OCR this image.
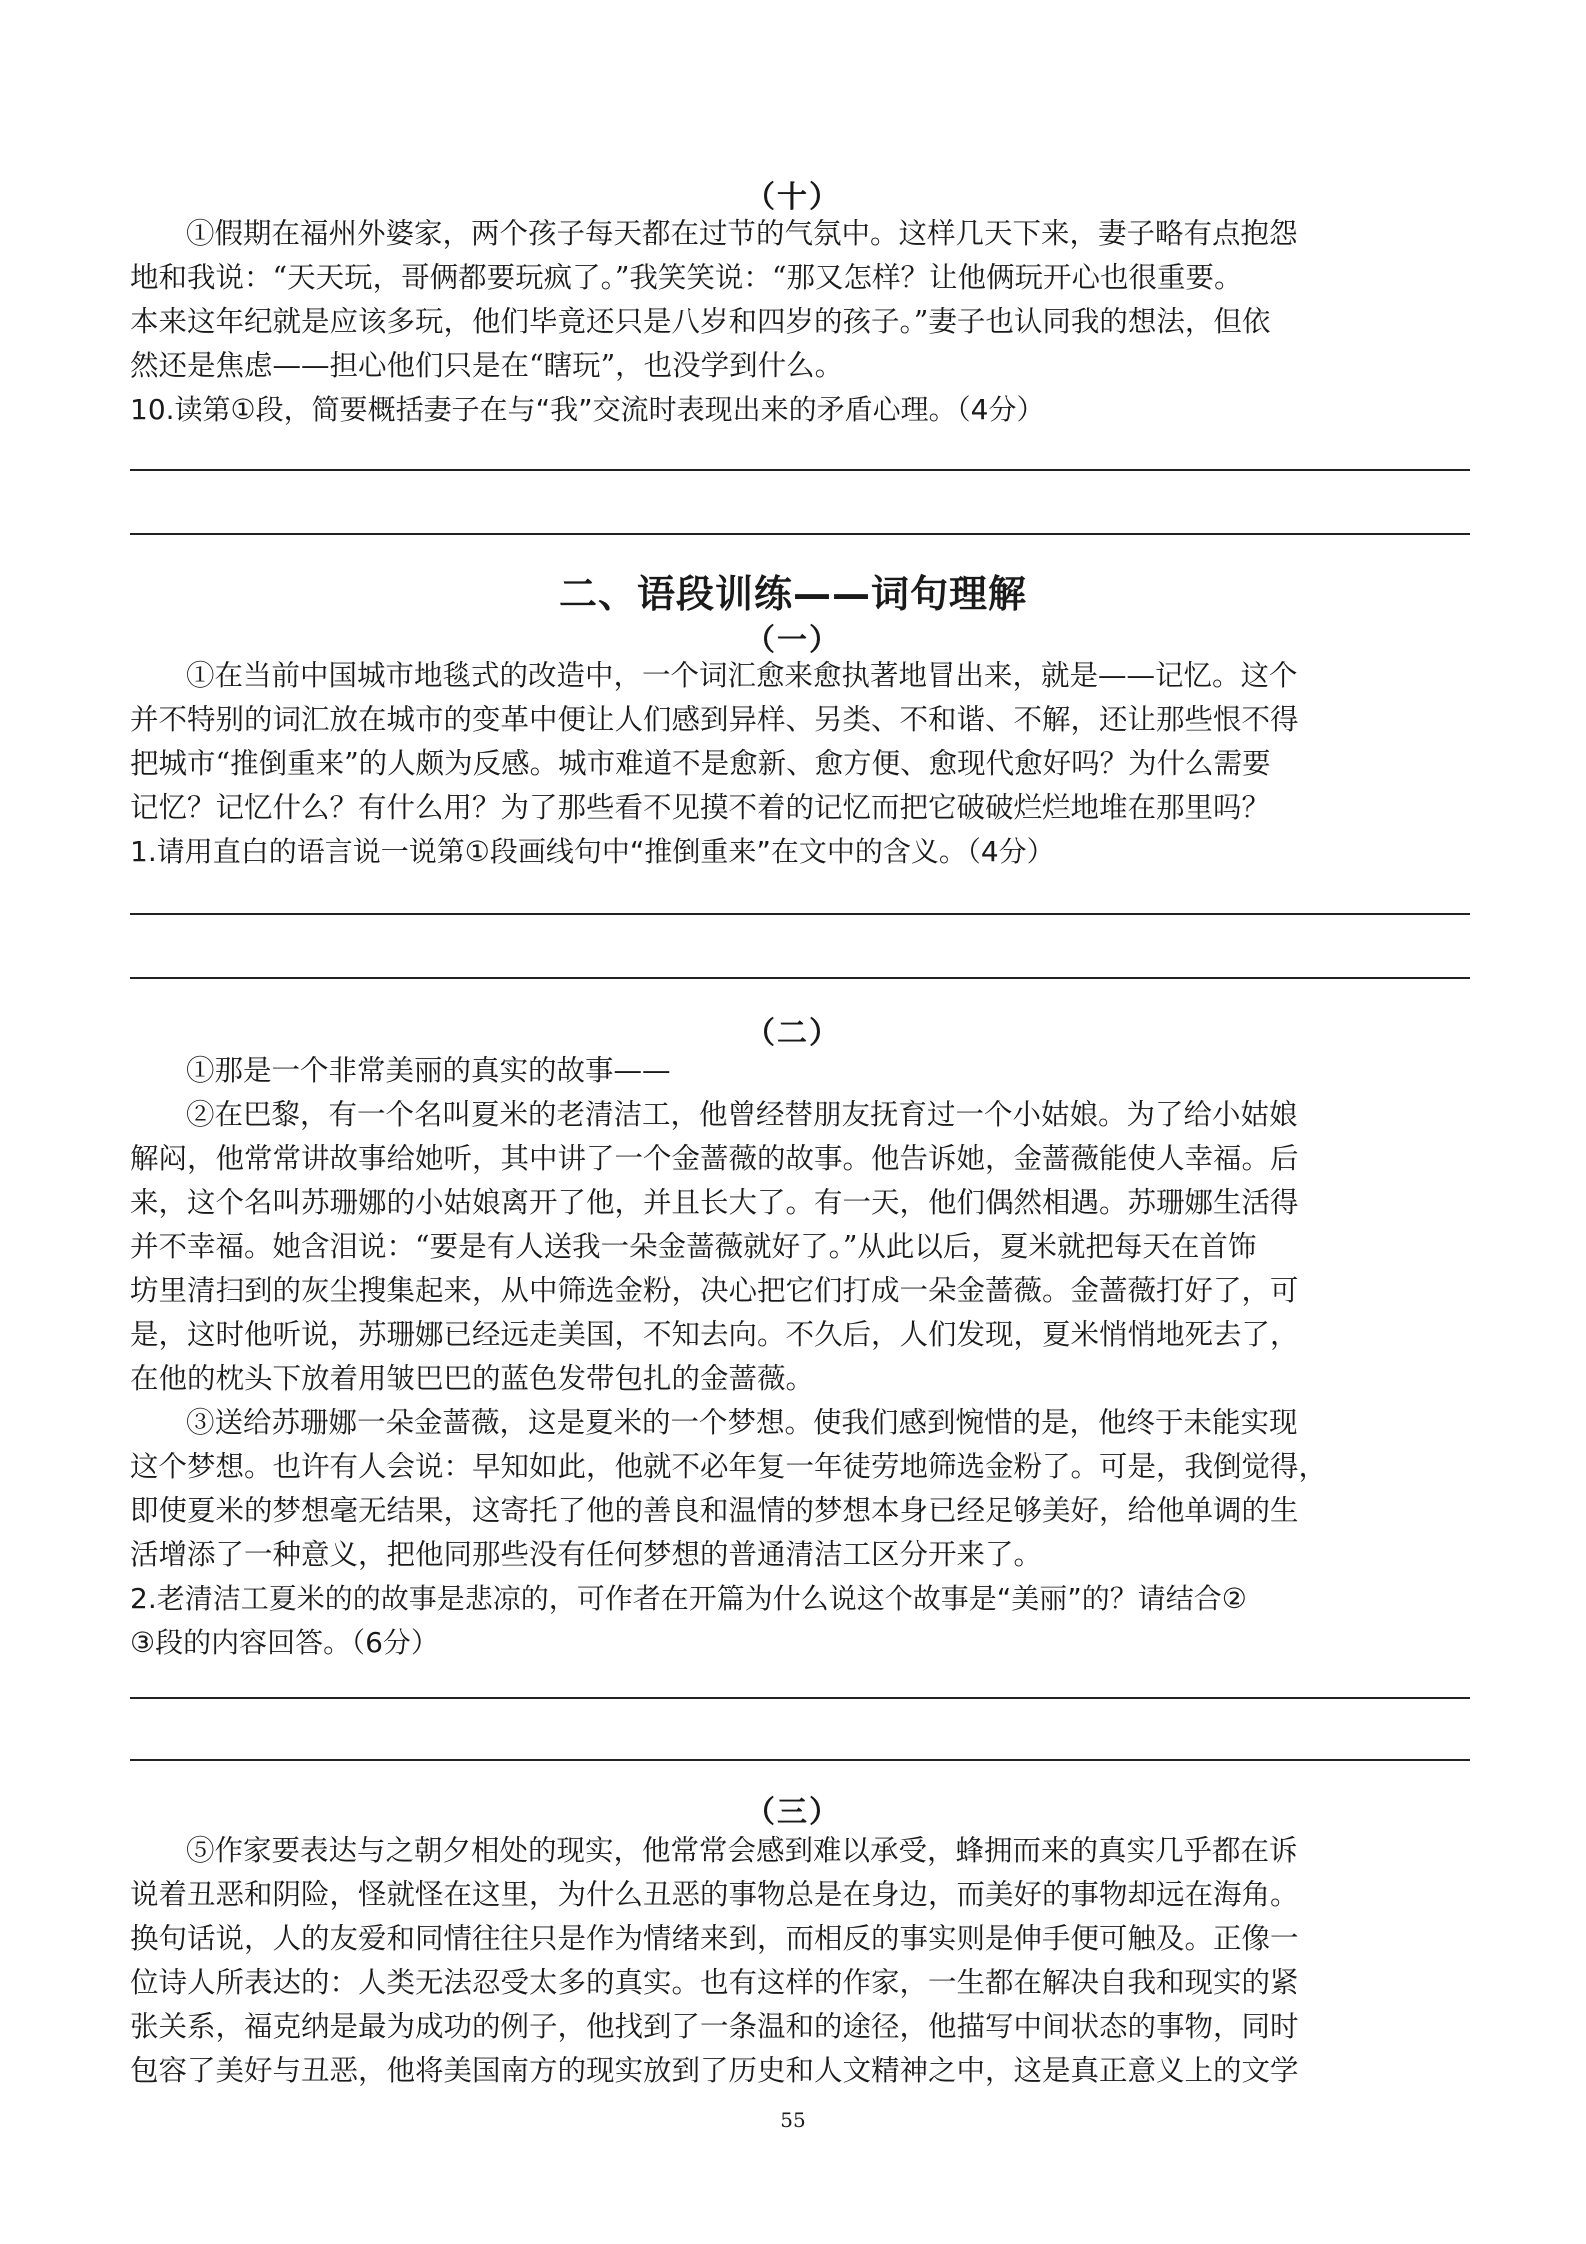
（十）
①假期在福州外婆家，两个孩子每天都在过节的气氛中。这样几天下来，妻子略有点抱怨
地和我说：“天天玩，哥俩都要玩疯了。”我笑笑说：“那又怎样？让他俩玩开心也很重要。
本来这年纪就是应该多玩，他们毕竟还只是八岁和四岁的孩子。”妻子也认同我的想法，但依
然还是焦虑——担心他们只是在“瞎玩”，也没学到什么。
10.读第①段，简要概括妻子在与“我”交流时表现出来的矛盾心理。（4分）
二、语段训练——词句理解
（一）
①在当前中国城市地毯式的改造中，一个词汇愈来愈执著地冒出来，就是——记忆。这个
并不特别的词汇放在城市的变革中便让人们感到异样、另类、不和谐、不解，还让那些恨不得
把城市“推倒重来”的人颇为反感。城市难道不是愈新、愈方便、愈现代愈好吗？为什么需要
记忆？记忆什么？有什么用？为了那些看不见摸不着的记忆而把它破破烂烂地堆在那里吗？
1.请用直白的语言说一说第①段画线句中“推倒重来”在文中的含义。（4分）
（二）
①那是一个非常美丽的真实的故事——
②在巴黎，有一个名叫夏米的老清洁工，他曾经替朋友抚育过一个小姑娘。为了给小姑娘
解闷，他常常讲故事给她听，其中讲了一个金蔷薇的故事。他告诉她，金蔷薇能使人幸福。后
来，这个名叫苏珊娜的小姑娘离开了他，并且长大了。有一天，他们偶然相遇。苏珊娜生活得
并不幸福。她含泪说：“要是有人送我一朵金蔷薇就好了。”从此以后，夏米就把每天在首饰
坊里清扫到的灰尘搜集起来，从中筛选金粉，决心把它们打成一朵金蔷薇。金蔷薇打好了，可
是，这时他听说，苏珊娜已经远走美国，不知去向。不久后，人们发现，夏米悄悄地死去了，
在他的枕头下放着用皱巴巴的蓝色发带包扎的金蔷薇。
③送给苏珊娜一朵金蔷薇，这是夏米的一个梦想。使我们感到惋惜的是，他终于未能实现
这个梦想。也许有人会说：早知如此，他就不必年复一年徒劳地筛选金粉了。可是，我倒觉得，
即使夏米的梦想毫无结果，这寄托了他的善良和温情的梦想本身已经足够美好，给他单调的生
活增添了一种意义，把他同那些没有任何梦想的普通清洁工区分开来了。
2.老清洁工夏米的的故事是悲凉的，可作者在开篇为什么说这个故事是“美丽”的？请结合②
③段的内容回答。（6分）
（三）
⑤作家要表达与之朝夕相处的现实，他常常会感到难以承受，蜂拥而来的真实几乎都在诉
说着丑恶和阴险，怪就怪在这里，为什么丑恶的事物总是在身边，而美好的事物却远在海角。
换句话说，人的友爱和同情往往只是作为情绪来到，而相反的事实则是伸手便可触及。正像一
位诗人所表达的：人类无法忍受太多的真实。也有这样的作家，一生都在解决自我和现实的紧
张关系，福克纳是最为成功的例子，他找到了一条温和的途径，他描写中间状态的事物，同时
包容了美好与丑恶，他将美国南方的现实放到了历史和人文精神之中，这是真正意义上的文学
55
